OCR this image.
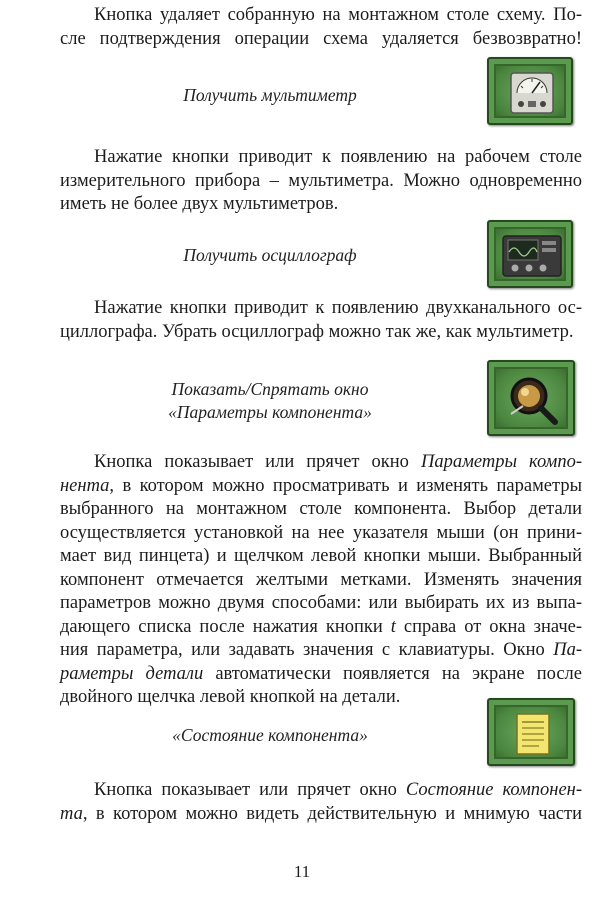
Кнопка удаляет собранную на монтажном столе схему. По-
сле подтверждения операции схема удаляется безвозвратно!
Получить мультиметр
Нажатие кнопки приводит к появлению на рабочем столе
измерительного прибора – мультиметра. Можно одновременно
иметь не более двух мультиметров.
Получить осциллограф
Нажатие кнопки приводит к появлению двухканального ос-
циллографа. Убрать осциллограф можно так же, как мультиметр.
Показать/Спрятать окно
«Параметры компонента»
Кнопка показывает или прячет окно Параметры компо-
нента, в котором можно просматривать и изменять параметры
выбранного на монтажном столе компонента. Выбор детали
осуществляется установкой на нее указателя мыши (он прини-
мает вид пинцета) и щелчком левой кнопки мыши. Выбранный
компонент отмечается желтыми метками. Изменять значения
параметров можно двумя способами: или выбирать их из выпа-
дающего списка после нажатия кнопки t справа от окна значе-
ния параметра, или задавать значения с клавиатуры. Окно Па-
раметры детали автоматически появляется на экране после
двойного щелчка левой кнопкой на детали.
«Состояние компонента»
Кнопка показывает или прячет окно Состояние компонен-
та, в котором можно видеть действительную и мнимую части
11
